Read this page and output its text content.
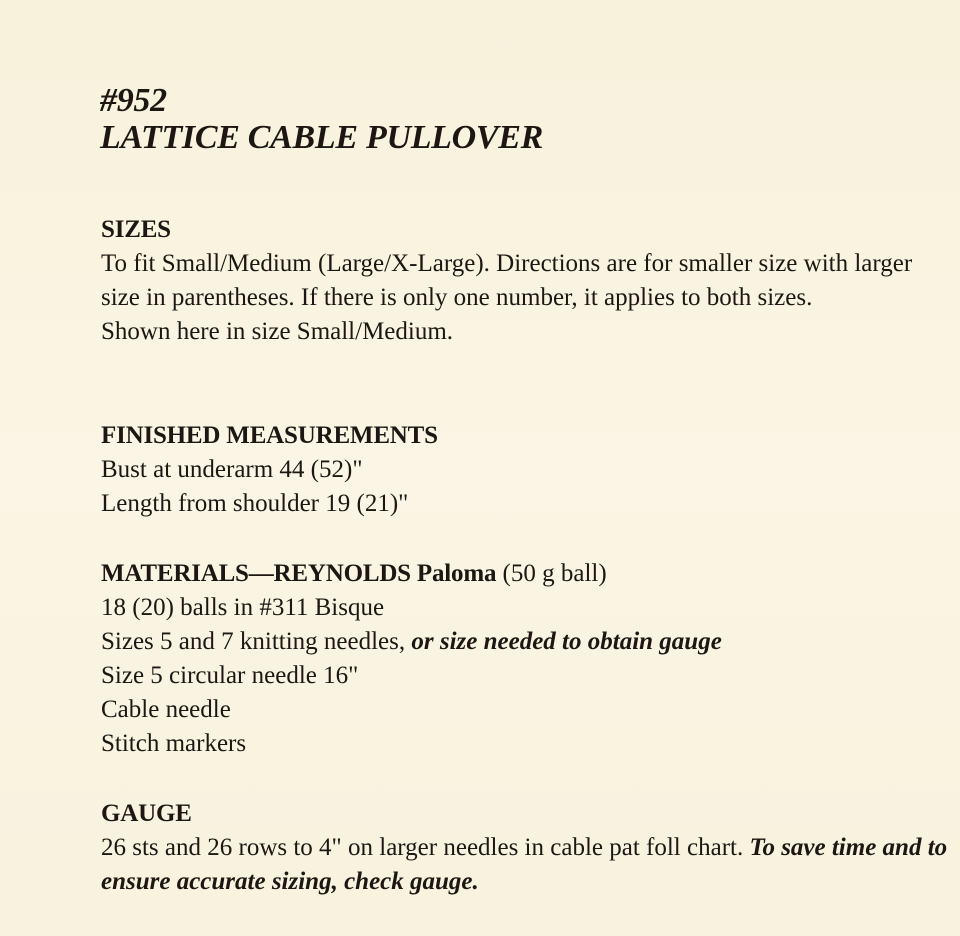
#952
LATTICE CABLE PULLOVER

SIZES

To fit Small/Medium (Large/X-Large). Directions are for smaller size with larger size in parentheses. If there is only one number, it applies to both sizes.

Shown here in size Small/Medium.

FINISHED MEASUREMENTS

Bust at underarm 44 (52)"

Length from shoulder 19 (21)"

MATERIALS—REYNOLDS Paloma (50 g ball)

18 (20) balls in #311 Bisque

Sizes 5 and 7 knitting needles, or size needed to obtain gauge

Size 5 circular needle 16"

Cable needle

Stitch markers

GAUGE

26 sts and 26 rows to 4" on larger needles in cable pat foll chart. To save time and to ensure accurate sizing, check gauge.
